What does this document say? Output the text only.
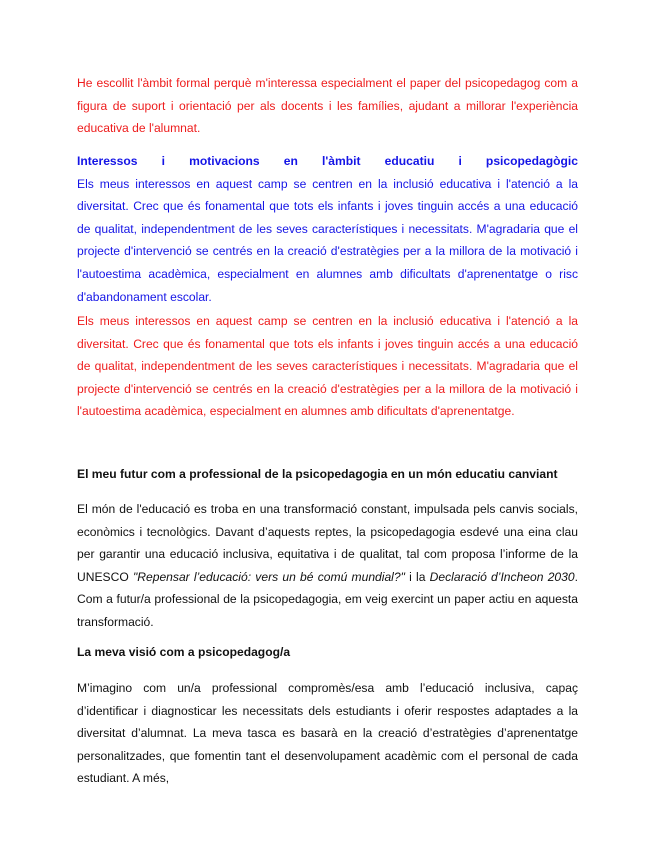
He escollit l'àmbit formal perquè m'interessa especialment el paper del psicopedagog com a figura de suport i orientació per als docents i les famílies, ajudant a millorar l'experiència educativa de l'alumnat.

Interessos i motivacions en l'àmbit educatiu i psicopedagògic
Els meus interessos en aquest camp se centren en la inclusió educativa i l'atenció a la diversitat. Crec que és fonamental que tots els infants i joves tinguin accés a una educació de qualitat, independentment de les seves característiques i necessitats. M'agradaria que el projecte d'intervenció se centrés en la creació d'estratègies per a la millora de la motivació i l'autoestima acadèmica, especialment en alumnes amb dificultats d'aprenentatge o risc d'abandonament escolar.

Els meus interessos en aquest camp se centren en la inclusió educativa i l'atenció a la diversitat. Crec que és fonamental que tots els infants i joves tinguin accés a una educació de qualitat, independentment de les seves característiques i necessitats. M'agradaria que el projecte d'intervenció se centrés en la creació d'estratègies per a la millora de la motivació i l'autoestima acadèmica, especialment en alumnes amb dificultats d'aprenentatge.

El meu futur com a professional de la psicopedagogia en un món educatiu canviant

El món de l'educació es troba en una transformació constant, impulsada pels canvis socials, econòmics i tecnològics. Davant d’aquests reptes, la psicopedagogia esdevé una eina clau per garantir una educació inclusiva, equitativa i de qualitat, tal com proposa l’informe de la UNESCO "Repensar l’educació: vers un bé comú mundial?" i la Declaració d’Incheon 2030. Com a futur/a professional de la psicopedagogia, em veig exercint un paper actiu en aquesta transformació.

La meva visió com a psicopedagog/a

M’imagino com un/a professional compromès/esa amb l’educació inclusiva, capaç d’identificar i diagnosticar les necessitats dels estudiants i oferir respostes adaptades a la diversitat d’alumnat. La meva tasca es basarà en la creació d’estratègies d’aprenentatge personalitzades, que fomentin tant el desenvolupament acadèmic com el personal de cada estudiant. A més,
